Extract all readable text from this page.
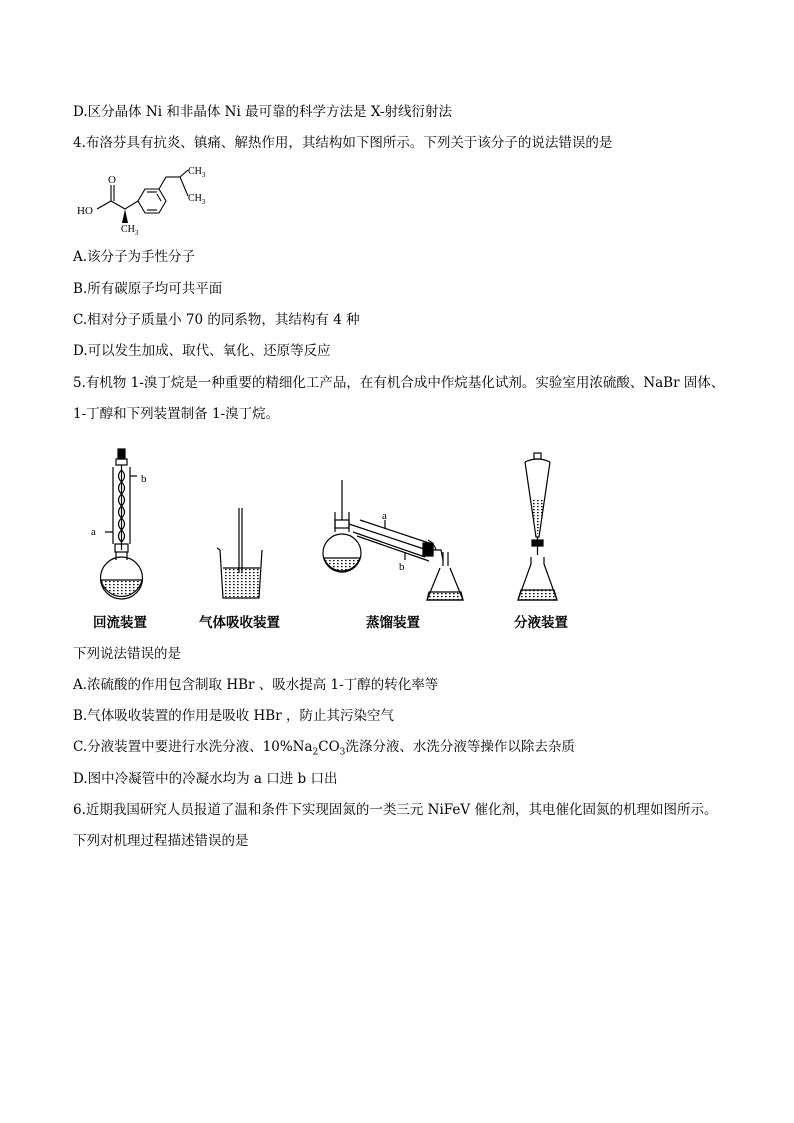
D.区分晶体 Ni 和非晶体 Ni 最可靠的科学方法是 X-射线衍射法
4.布洛芬具有抗炎、镇痛、解热作用，其结构如下图所示。下列关于该分子的说法错误的是
HO
O
$CH_3$
$CH_3$
$CH_3$
A.该分子为手性分子
B.所有碳原子均可共平面
C.相对分子质量小 70 的同系物，其结构有 4 种
D.可以发生加成、取代、氧化、还原等反应
5.有机物 1-溴丁烷是一种重要的精细化工产品，在有机合成中作烷基化试剂。实验室用浓硫酸、NaBr 固体、
1-丁醇和下列装置制备 1-溴丁烷。
b
a
a
b
回流装置	气体吸收装置	蒸馏装置	分液装置
下列说法错误的是
A.浓硫酸的作用包含制取 HBr 、吸水提高 1-丁醇的转化率等
B.气体吸收装置的作用是吸收 HBr ，防止其污染空气
C.分液装置中要进行水洗分液、$10\%Na_2CO_3$洗涤分液、水洗分液等操作以除去杂质
D.图中冷凝管中的冷凝水均为 a 口进 b 口出
6.近期我国研究人员报道了温和条件下实现固氮的一类三元 NiFeV 催化剂，其电催化固氮的机理如图所示。
下列对机理过程描述错误的是
